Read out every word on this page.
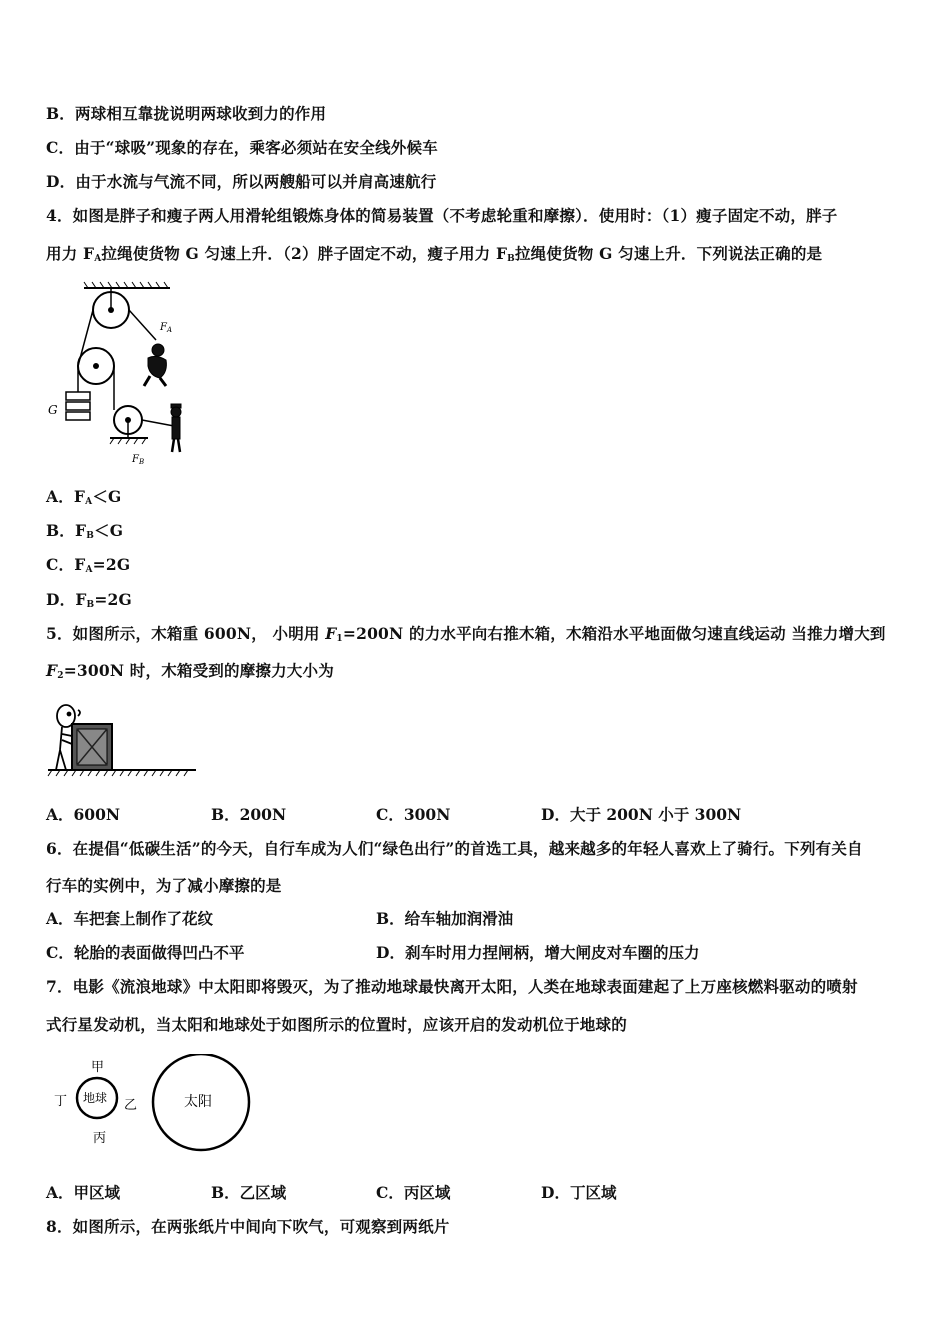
B．两球相互靠拢说明两球收到力的作用
C．由于“球吸”现象的存在，乘客必须站在安全线外候车
D．由于水流与气流不同，所以两艘船可以并肩高速航行
4．如图是胖子和瘦子两人用滑轮组锻炼身体的简易装置（不考虑轮重和摩擦）．使用时：（1）瘦子固定不动，胖子
用力 $F_A$拉绳使货物 G 匀速上升．（2）胖子固定不动，瘦子用力 $F_B$拉绳使货物 G 匀速上升．下列说法正确的是
G
$F_A$
$F_B$
A．$F_A<G$
B．$F_B<G$
C．$F_A=2G$
D．$F_B=2G$
5．如图所示，木箱重 600N， 小明用 $F_1=200N$ 的力水平向右推木箱，木箱沿水平地面做匀速直线运动 当推力增大到
$F_2=300N$ 时，木箱受到的摩擦力大小为
A．600N	B．200N	C．300N	D．大于 200N 小于 300N
6．在提倡“低碳生活”的今天，自行车成为人们“绿色出行”的首选工具，越来越多的年轻人喜欢上了骑行。下列有关自
行车的实例中，为了减小摩擦的是
A．车把套上制作了花纹	B．给车轴加润滑油
C．轮胎的表面做得凹凸不平	D．刹车时用力捏闸柄，增大闸皮对车圈的压力
7．电影《流浪地球》中太阳即将毁灭，为了推动地球最快离开太阳，人类在地球表面建起了上万座核燃料驱动的喷射
式行星发动机，当太阳和地球处于如图所示的位置时，应该开启的发动机位于地球的
甲
丁	乙
丙
地球	太阳
A．甲区域	B．乙区域	C．丙区域	D．丁区域
8．如图所示，在两张纸片中间向下吹气，可观察到两纸片
